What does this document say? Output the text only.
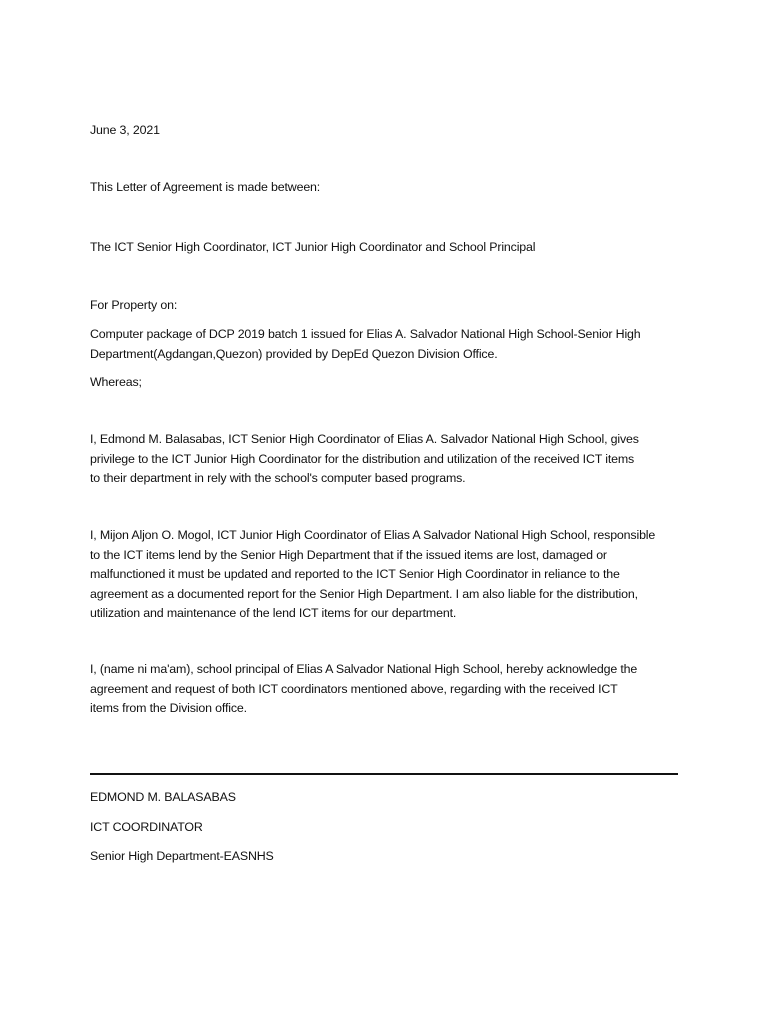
June 3, 2021
This Letter of Agreement is made between:
The ICT Senior High Coordinator, ICT Junior High Coordinator and School Principal
For Property on:
Computer package of DCP 2019 batch 1 issued for Elias A. Salvador National High School-Senior High
Department(Agdangan,Quezon) provided by DepEd Quezon Division Office.
Whereas;
I, Edmond M. Balasabas, ICT Senior High Coordinator of Elias A. Salvador National High School, gives
privilege to the ICT Junior High Coordinator for the distribution and utilization of the received ICT items
to their department in rely with the school's computer based programs.
I, Mijon Aljon O. Mogol, ICT Junior High Coordinator of Elias A Salvador National High School, responsible
to the ICT items lend by the Senior High Department that if the issued items are lost, damaged or
malfunctioned it must be updated and reported to the ICT Senior High Coordinator in reliance to the
agreement as a documented report for the Senior High Department. I am also liable for the distribution,
utilization and maintenance of the lend ICT items for our department.
I, (name ni ma'am), school principal of Elias A Salvador National High School, hereby acknowledge the
agreement and request of both ICT coordinators mentioned above, regarding with the received ICT
items from the Division office.
EDMOND M. BALASABAS
ICT COORDINATOR
Senior High Department-EASNHS
